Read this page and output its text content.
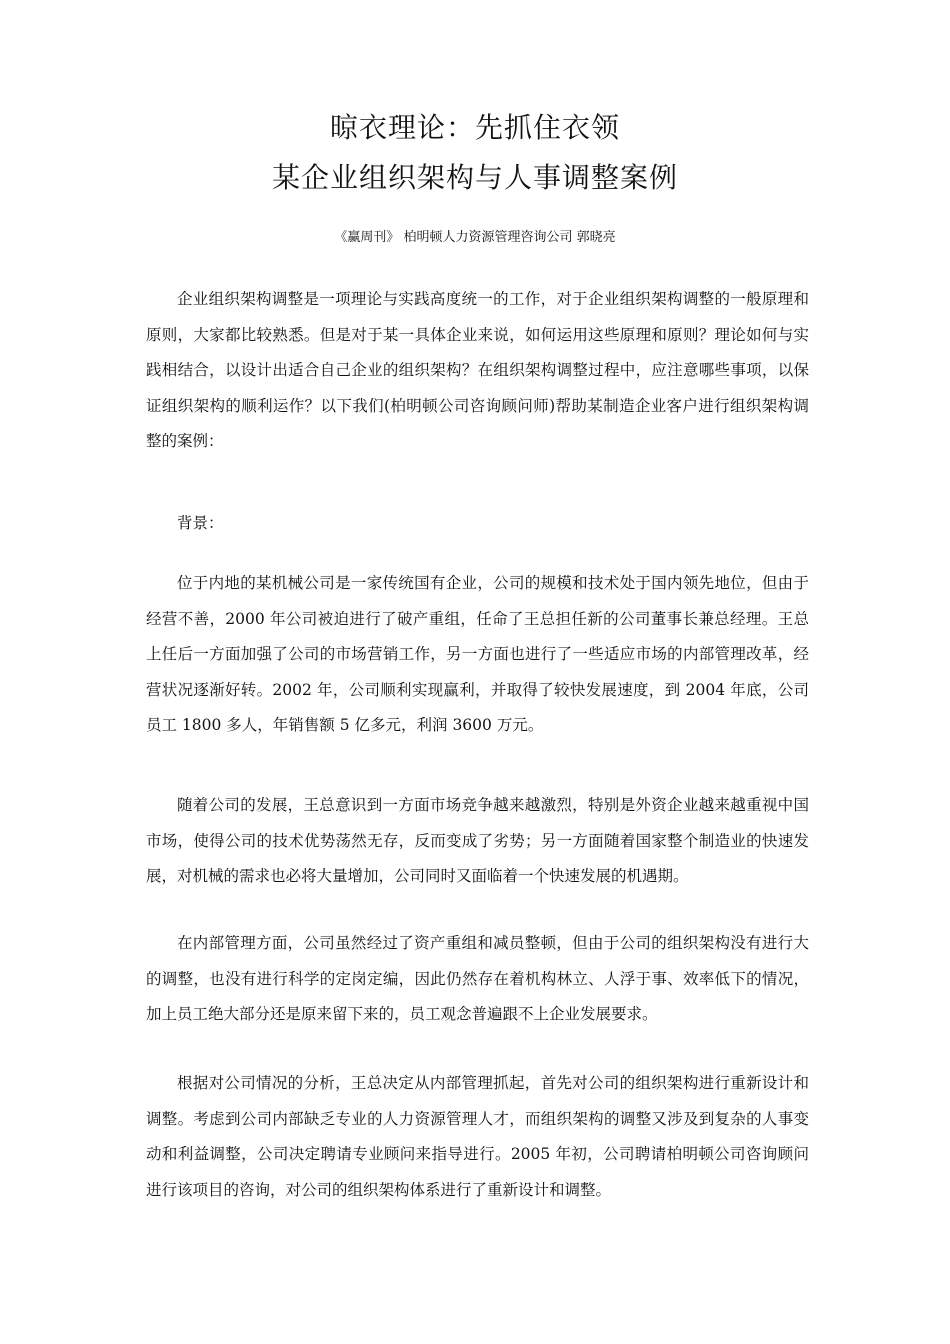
晾衣理论：先抓住衣领
某企业组织架构与人事调整案例
《赢周刊》 柏明顿人力资源管理咨询公司 郭晓亮

企业组织架构调整是一项理论与实践高度统一的工作，对于企业组织架构调整的一般原理和原则，大家都比较熟悉。但是对于某一具体企业来说，如何运用这些原理和原则？理论如何与实践相结合，以设计出适合自己企业的组织架构？在组织架构调整过程中，应注意哪些事项，以保证组织架构的顺利运作？以下我们(柏明顿公司咨询顾问师)帮助某制造企业客户进行组织架构调整的案例：

背景：

位于内地的某机械公司是一家传统国有企业，公司的规模和技术处于国内领先地位，但由于经营不善，2000 年公司被迫进行了破产重组，任命了王总担任新的公司董事长兼总经理。王总上任后一方面加强了公司的市场营销工作，另一方面也进行了一些适应市场的内部管理改革，经营状况逐渐好转。2002 年，公司顺利实现赢利，并取得了较快发展速度，到 2004 年底，公司员工 1800 多人，年销售额 5 亿多元，利润 3600 万元。

随着公司的发展，王总意识到一方面市场竞争越来越激烈，特别是外资企业越来越重视中国市场，使得公司的技术优势荡然无存，反而变成了劣势；另一方面随着国家整个制造业的快速发展，对机械的需求也必将大量增加，公司同时又面临着一个快速发展的机遇期。

在内部管理方面，公司虽然经过了资产重组和减员整顿，但由于公司的组织架构没有进行大的调整，也没有进行科学的定岗定编，因此仍然存在着机构林立、人浮于事、效率低下的情况，加上员工绝大部分还是原来留下来的，员工观念普遍跟不上企业发展要求。

根据对公司情况的分析，王总决定从内部管理抓起，首先对公司的组织架构进行重新设计和调整。考虑到公司内部缺乏专业的人力资源管理人才，而组织架构的调整又涉及到复杂的人事变动和利益调整，公司决定聘请专业顾问来指导进行。2005 年初，公司聘请柏明顿公司咨询顾问进行该项目的咨询，对公司的组织架构体系进行了重新设计和调整。
